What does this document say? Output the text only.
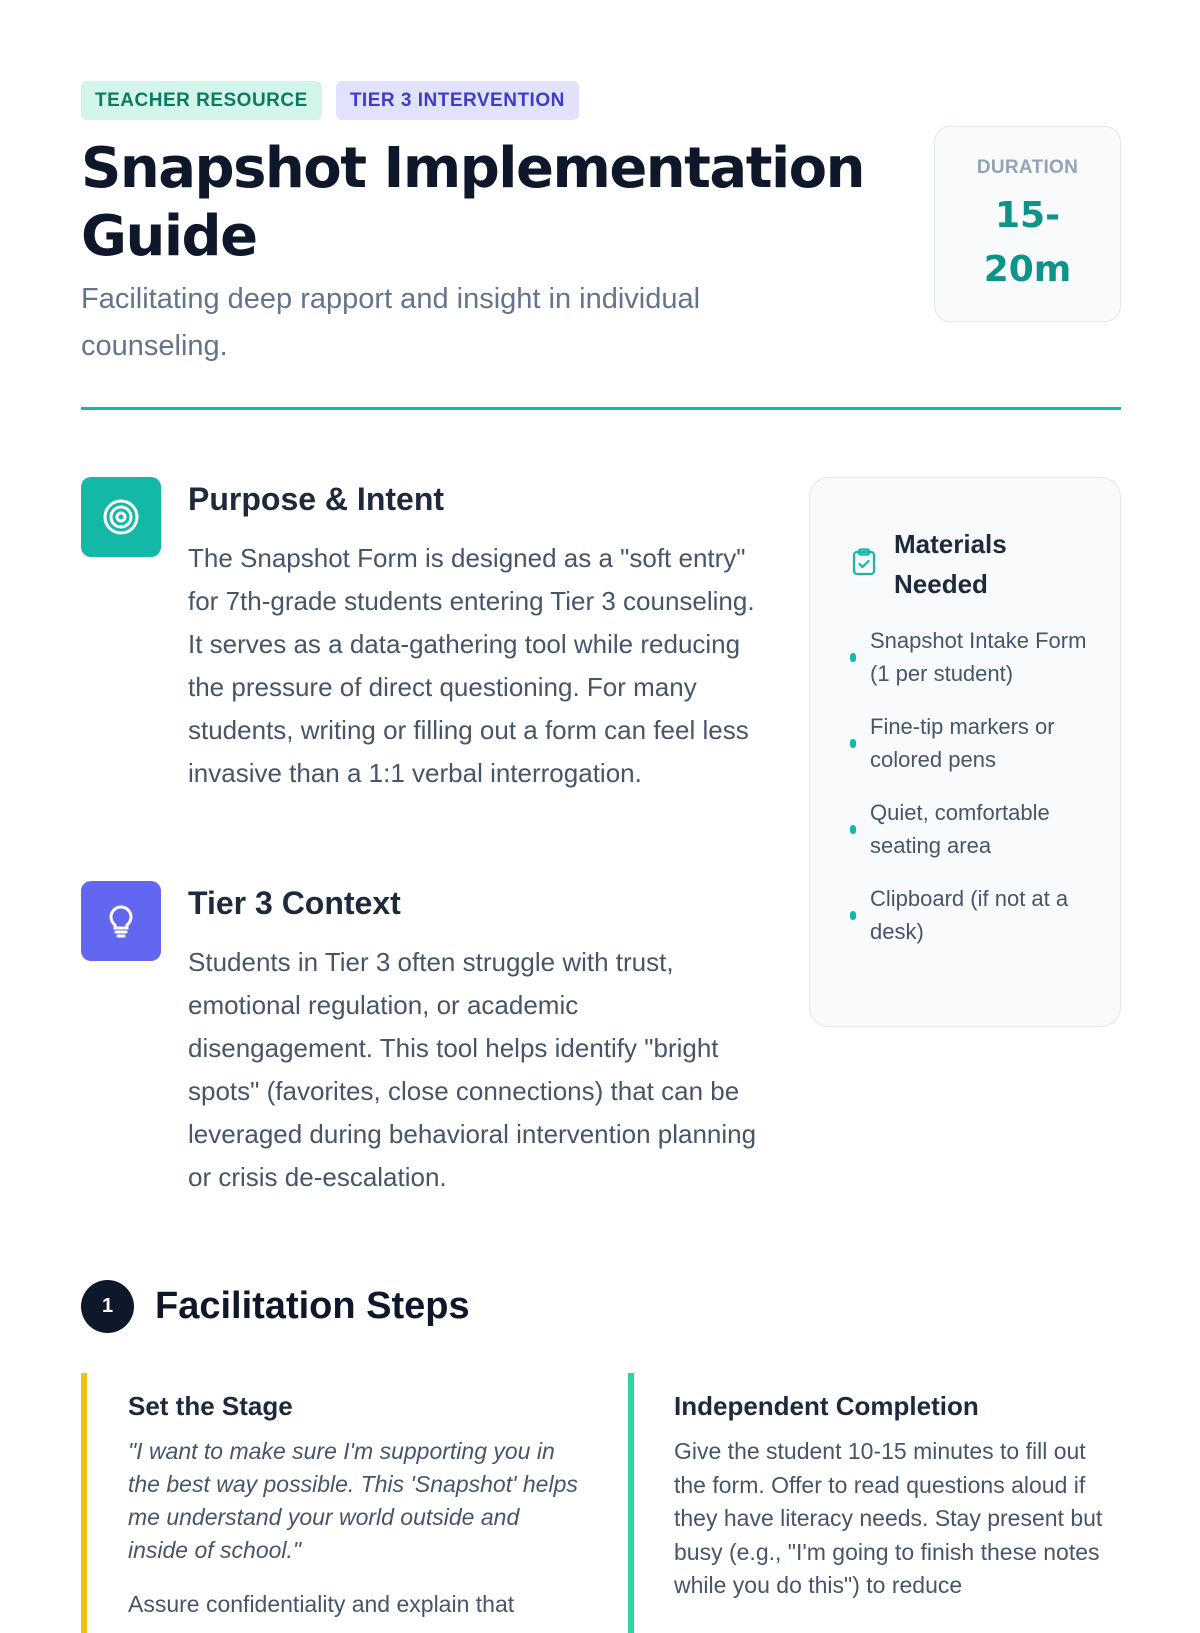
TEACHER RESOURCE	TIER 3 INTERVENTION
Snapshot Implementation Guide

Facilitating deep rapport and insight in individual counseling.

DURATION
15-
20m
Purpose & Intent
The Snapshot Form is designed as a "soft entry" for 7th-grade students entering Tier 3 counseling. It serves as a data-gathering tool while reducing the pressure of direct questioning. For many students, writing or filling out a form can feel less invasive than a 1:1 verbal interrogation.
Tier 3 Context
Students in Tier 3 often struggle with trust, emotional regulation, or academic disengagement. This tool helps identify "bright spots" (favorites, close connections) that can be leveraged during behavioral intervention planning or crisis de-escalation.
Materials Needed
Snapshot Intake Form (1 per student)
Fine-tip markers or colored pens
Quiet, comfortable seating area
Clipboard (if not at a desk)
1	Facilitation Steps
Set the Stage
"I want to make sure I'm supporting you in the best way possible. This 'Snapshot' helps me understand your world outside and inside of school."
Assure confidentiality and explain that
Independent Completion
Give the student 10-15 minutes to fill out the form. Offer to read questions aloud if they have literacy needs. Stay present but busy (e.g., "I'm going to finish these notes while you do this") to reduce
